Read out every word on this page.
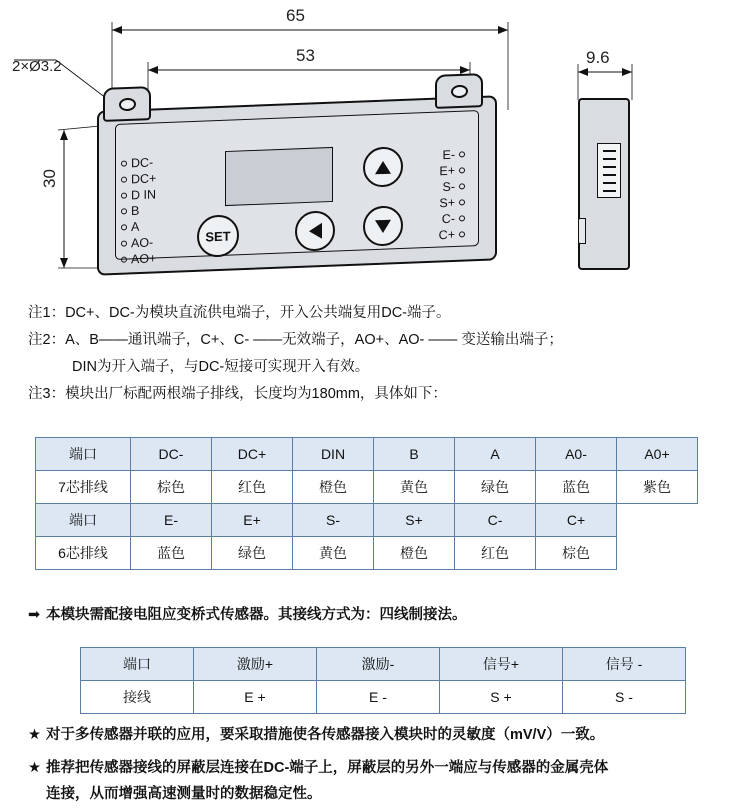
65
53	9.6
30
2×Ø3.2
DC-
DC+
D IN
B
A
AO-
AO+
E-
E+
S-
S+
C-
C+
SET
注1：DC+、DC-为模块直流供电端子，开入公共端复用DC-端子。
注2：A、B——通讯端子，C+、C- ——无效端子，AO+、AO- —— 变送输出端子；
DIN为开入端子，与DC-短接可实现开入有效。
注3：模块出厂标配两根端子排线，长度均为180mm，具体如下：
端口	DC-	DC+	DIN	B	A	A0-	A0+
7芯排线	棕色	红色	橙色	黄色	绿色	蓝色	紫色
端口	E-	E+	S-	S+	C-	C+	
6芯排线	蓝色	绿色	黄色	橙色	红色	棕色	
➡ 本模块需配接电阻应变桥式传感器。其接线方式为：四线制接法。
端口	激励+	激励-	信号+	信号 -
接线	E +	E -	S +	S -
★ 对于多传感器并联的应用，要采取措施使各传感器接入模块时的灵敏度（mV/V）一致。
★ 推荐把传感器接线的屏蔽层连接在DC-端子上，屏蔽层的另外一端应与传感器的金属壳体
连接，从而增强高速测量时的数据稳定性。
